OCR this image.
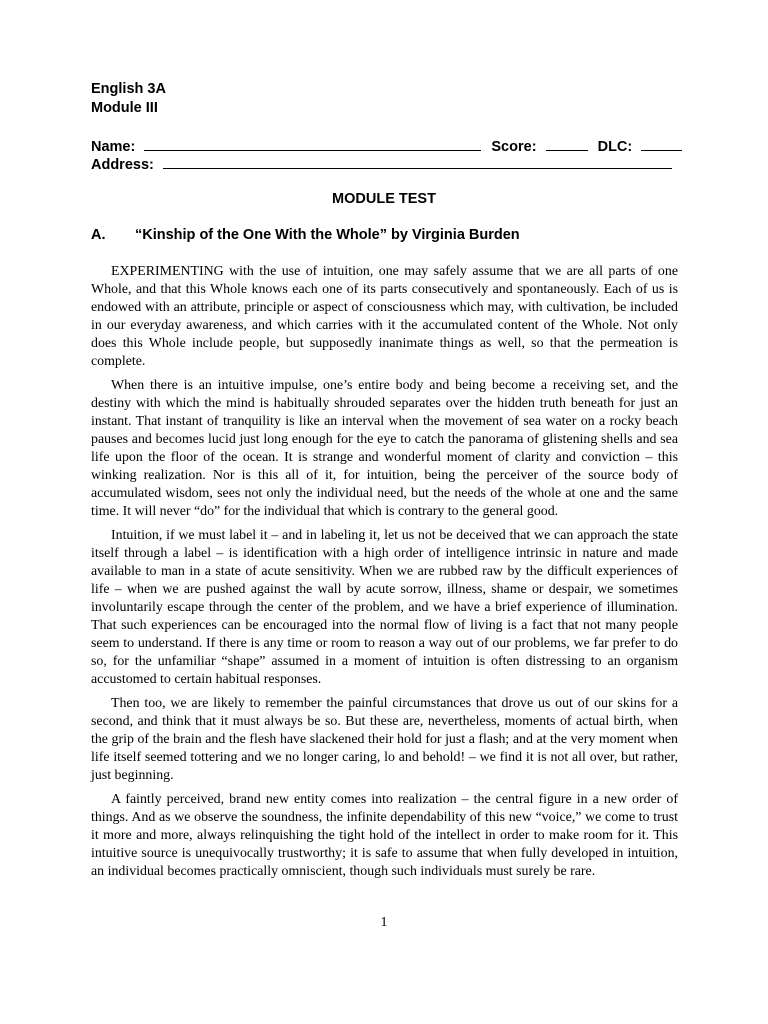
English 3A
Module III
Name:	Score:	DLC:
Address:
MODULE TEST
A. “Kinship of the One With the Whole” by Virginia Burden

EXPERIMENTING with the use of intuition, one may safely assume that we are all parts of one Whole, and that this Whole knows each one of its parts consecutively and spontaneously. Each of us is endowed with an attribute, principle or aspect of consciousness which may, with cultivation, be included in our everyday awareness, and which carries with it the accumulated content of the Whole. Not only does this Whole include people, but supposedly inanimate things as well, so that the permeation is complete.

When there is an intuitive impulse, one’s entire body and being become a receiving set, and the destiny with which the mind is habitually shrouded separates over the hidden truth beneath for just an instant. That instant of tranquility is like an interval when the movement of sea water on a rocky beach pauses and becomes lucid just long enough for the eye to catch the panorama of glistening shells and sea life upon the floor of the ocean. It is strange and wonderful moment of clarity and conviction – this winking realization. Nor is this all of it, for intuition, being the perceiver of the source body of accumulated wisdom, sees not only the individual need, but the needs of the whole at one and the same time. It will never “do” for the individual that which is contrary to the general good.

Intuition, if we must label it – and in labeling it, let us not be deceived that we can approach the state itself through a label – is identification with a high order of intelligence intrinsic in nature and made available to man in a state of acute sensitivity. When we are rubbed raw by the difficult experiences of life – when we are pushed against the wall by acute sorrow, illness, shame or despair, we sometimes involuntarily escape through the center of the problem, and we have a brief experience of illumination. That such experiences can be encouraged into the normal flow of living is a fact that not many people seem to understand. If there is any time or room to reason a way out of our problems, we far prefer to do so, for the unfamiliar “shape” assumed in a moment of intuition is often distressing to an organism accustomed to certain habitual responses.

Then too, we are likely to remember the painful circumstances that drove us out of our skins for a second, and think that it must always be so. But these are, nevertheless, moments of actual birth, when the grip of the brain and the flesh have slackened their hold for just a flash; and at the very moment when life itself seemed tottering and we no longer caring, lo and behold! – we find it is not all over, but rather, just beginning.

A faintly perceived, brand new entity comes into realization – the central figure in a new order of things. And as we observe the soundness, the infinite dependability of this new “voice,” we come to trust it more and more, always relinquishing the tight hold of the intellect in order to make room for it. This intuitive source is unequivocally trustworthy; it is safe to assume that when fully developed in intuition, an individual becomes practically omniscient, though such individuals must surely be rare.

1
